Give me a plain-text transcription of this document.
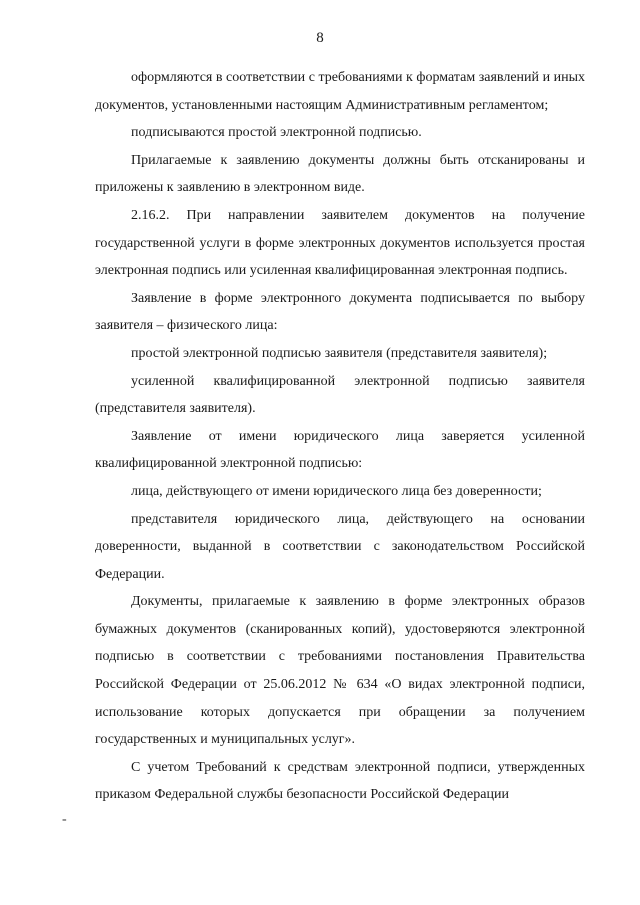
8

оформляются в соответствии с требованиями к форматам заявлений и иных документов, установленными настоящим Административным регламентом;

подписываются простой электронной подписью.

Прилагаемые к заявлению документы должны быть отсканированы и приложены к заявлению в электронном виде.

2.16.2. При направлении заявителем документов на получение государственной услуги в форме электронных документов используется простая электронная подпись или усиленная квалифицированная электронная подпись.

Заявление в форме электронного документа подписывается по выбору заявителя – физического лица:

простой электронной подписью заявителя (представителя заявителя);

усиленной квалифицированной электронной подписью заявителя (представителя заявителя).

Заявление от имени юридического лица заверяется усиленной квалифицированной электронной подписью:

лица, действующего от имени юридического лица без доверенности;

представителя юридического лица, действующего на основании доверенности, выданной в соответствии с законодательством Российской Федерации.

Документы, прилагаемые к заявлению в форме электронных образов бумажных документов (сканированных копий), удостоверяются электронной подписью в соответствии с требованиями постановления Правительства Российской Федерации от 25.06.2012 № 634 «О видах электронной подписи, использование которых допускается при обращении за получением государственных и муниципальных услуг».

С учетом Требований к средствам электронной подписи, утвержденных приказом Федеральной службы безопасности Российской Федерации

-
